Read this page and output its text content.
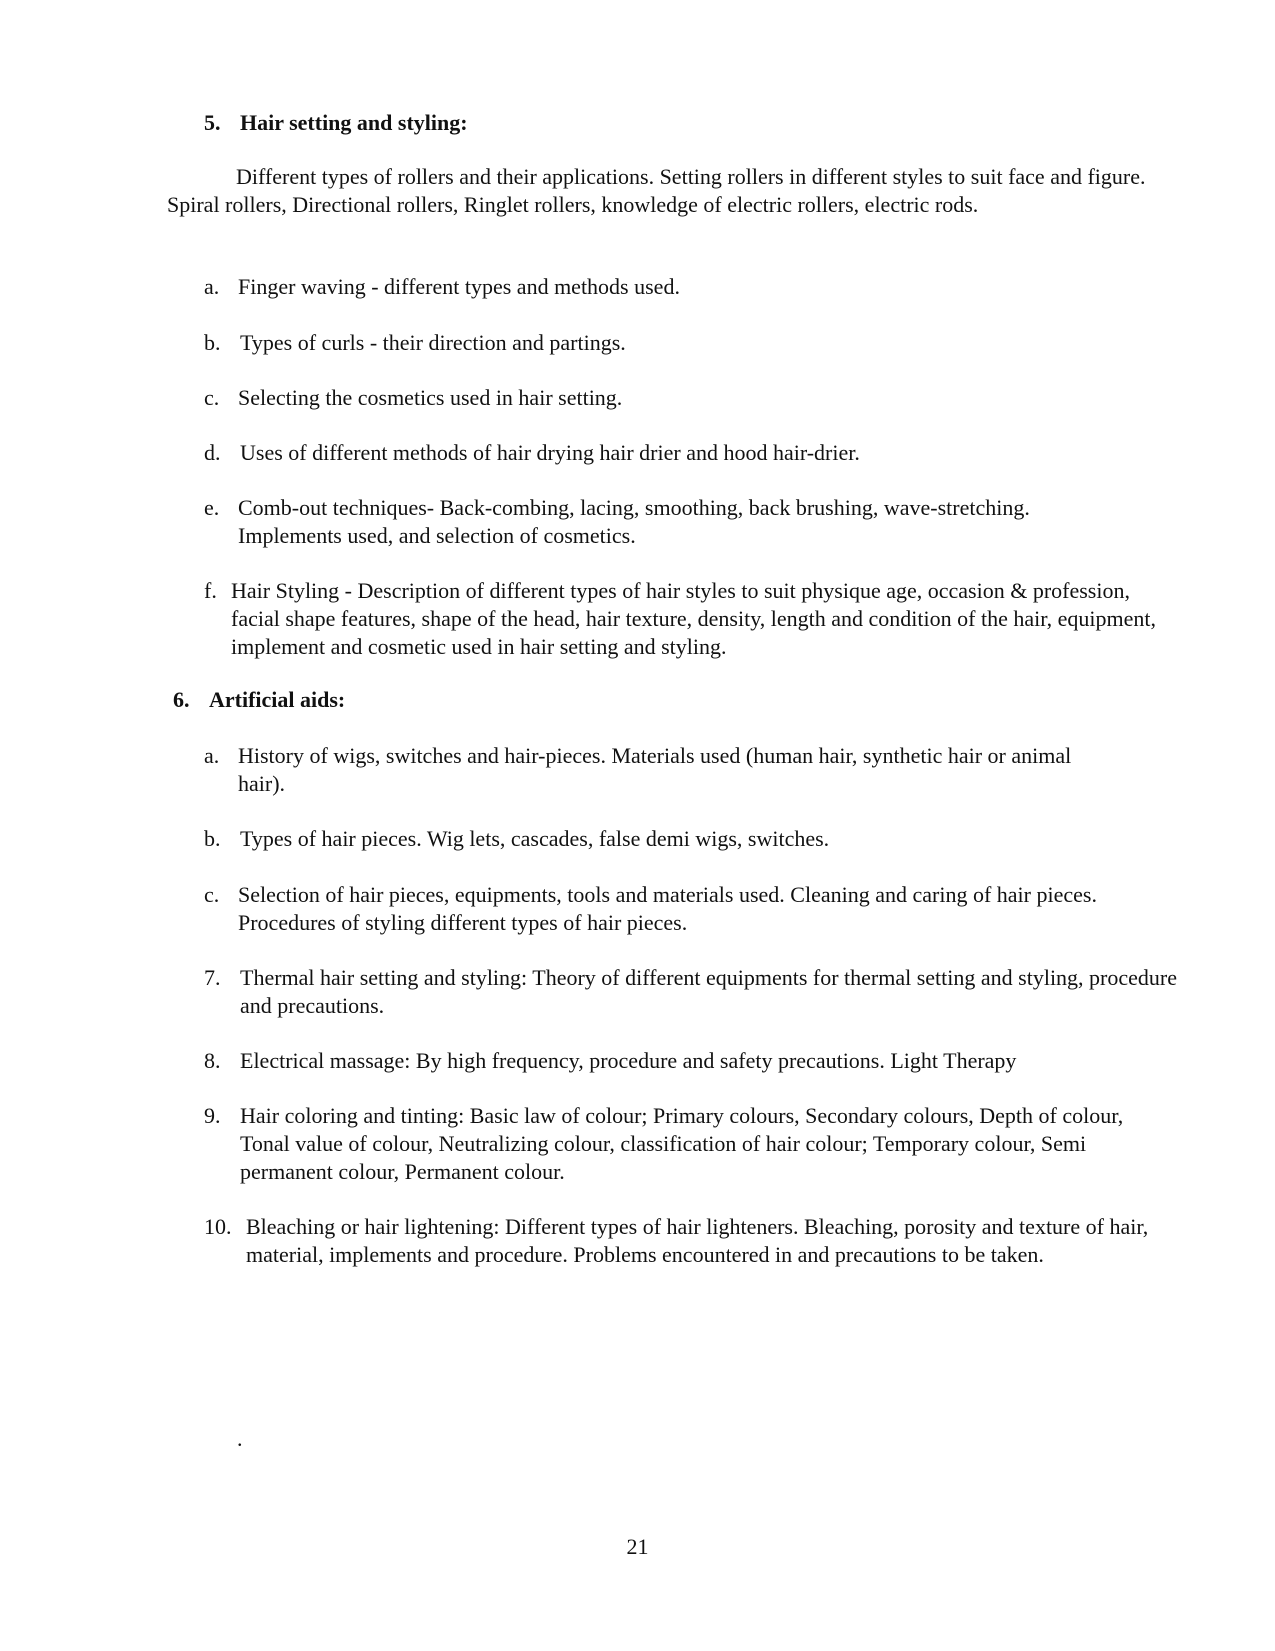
5. Hair setting and styling:
Different types of rollers and their applications. Setting rollers in different styles to suit face and figure. Spiral rollers, Directional rollers, Ringlet rollers, knowledge of electric rollers, electric rods.
a. Finger waving - different types and methods used.
b. Types of curls - their direction and partings.
c. Selecting the cosmetics used in hair setting.
d. Uses of different methods of hair drying hair drier and hood hair-drier.
e. Comb-out techniques- Back-combing, lacing, smoothing, back brushing, wave-stretching. Implements used, and selection of cosmetics.
f. Hair Styling - Description of different types of hair styles to suit physique age, occasion & profession, facial shape features, shape of the head, hair texture, density, length and condition of the hair, equipment, implement and cosmetic used in hair setting and styling.
6. Artificial aids:
a. History of wigs, switches and hair-pieces. Materials used (human hair, synthetic hair or animal hair).
b. Types of hair pieces. Wig lets, cascades, false demi wigs, switches.
c. Selection of hair pieces, equipments, tools and materials used. Cleaning and caring of hair pieces. Procedures of styling different types of hair pieces.
7. Thermal hair setting and styling: Theory of different equipments for thermal setting and styling, procedure and precautions.
8. Electrical massage: By high frequency, procedure and safety precautions. Light Therapy
9. Hair coloring and tinting: Basic law of colour; Primary colours, Secondary colours, Depth of colour, Tonal value of colour, Neutralizing colour, classification of hair colour; Temporary colour, Semi permanent colour, Permanent colour.
10. Bleaching or hair lightening: Different types of hair lighteners. Bleaching, porosity and texture of hair, material, implements and procedure. Problems encountered in and precautions to be taken.
.
21
